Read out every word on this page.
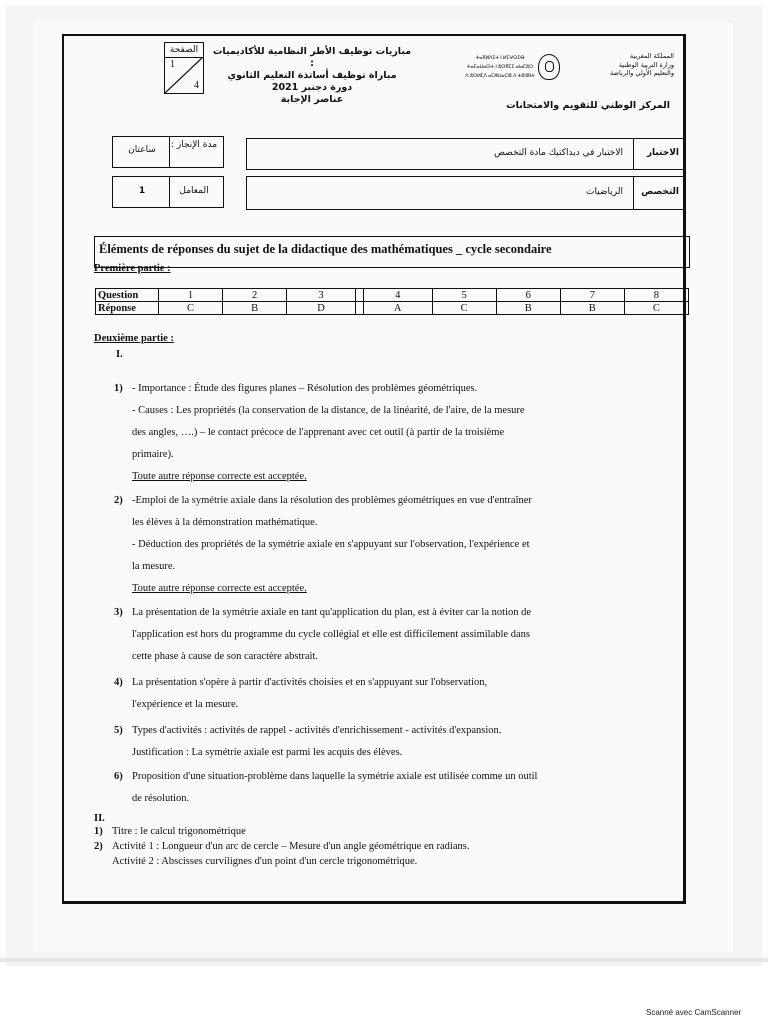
الصفحة
1
4
مباريات توظيف الأطر النظامية للأكاديميات :
مباراة توظيف أساتذة التعليم الثانوي
دورة دجنبر 2021
عناصر الإجابة
ⵜⴰⴳⵍⴷⵉⵜ ⵏ ⵍⵎⵖⵔⵉⴱ
ⵜⴰⵎⴰⵡⴰⵙⵜ ⵏ ⵓⵙⴳⵎⵉ ⴰⵏⴰⵎⵓⵔ
ⴷ ⵓⵙⵍⵎⴷ ⴰⵎⵣⵡⴰⵔⵓ ⴷ ⵜⵓⵏⵏⵓⵏⵜ
المملكة المغربية
وزارة التربية الوطنية
والتعليم الأولي والرياضة
المركز الوطني للتقويم والامتحانات
مدة الإنجاز :
ساعتان
المعامل
1
الاختبار
الاختبار في ديداكتيك مادة التخصص
التخصص
الرياضيات
Éléments de réponses du sujet de la didactique des mathématiques _ cycle secondaire
Première partie :
Question	1	2	3		4	5	6	7	8
Réponse	C	B	D		A	C	B	B	C
Deuxième partie :
I.
1) - Importance : Étude des figures planes – Résolution des problèmes géométriques.
- Causes : Les propriétés (la conservation de la distance, de la linéarité, de l'aire, de la mesure
des angles, ….) – le contact précoce de l'apprenant avec cet outil (à partir de la troisième
primaire).
Toute autre réponse correcte est acceptée.
2) -Emploi de la symétrie axiale dans la résolution des problèmes géométriques en vue d'entraîner
les élèves à la démonstration mathématique.
- Déduction des propriétés de la symétrie axiale en s'appuyant sur l'observation, l'expérience et
la mesure.
Toute autre réponse correcte est acceptée.
3) La présentation de la symétrie axiale en tant qu'application du plan, est à éviter car la notion de
l'application est hors du programme du cycle collégial et elle est difficilement assimilable dans
cette phase à cause de son caractère abstrait.
4) La présentation s'opère à partir d'activités choisies et en s'appuyant sur l'observation,
l'expérience et la mesure.
5) Types d'activités : activités de rappel - activités d'enrichissement - activités d'expansion.
Justification : La symétrie axiale est parmi les acquis des élèves.
6) Proposition d'une situation-problème dans laquelle la symétrie axiale est utilisée comme un outil
de résolution.
II.
1) Titre : le calcul trigonométrique
2) Activité 1 : Longueur d'un arc de cercle – Mesure d'un angle géométrique en radians.
Activité 2 : Abscisses curvilignes d'un point d'un cercle trigonométrique.
Scanné avec CamScanner
